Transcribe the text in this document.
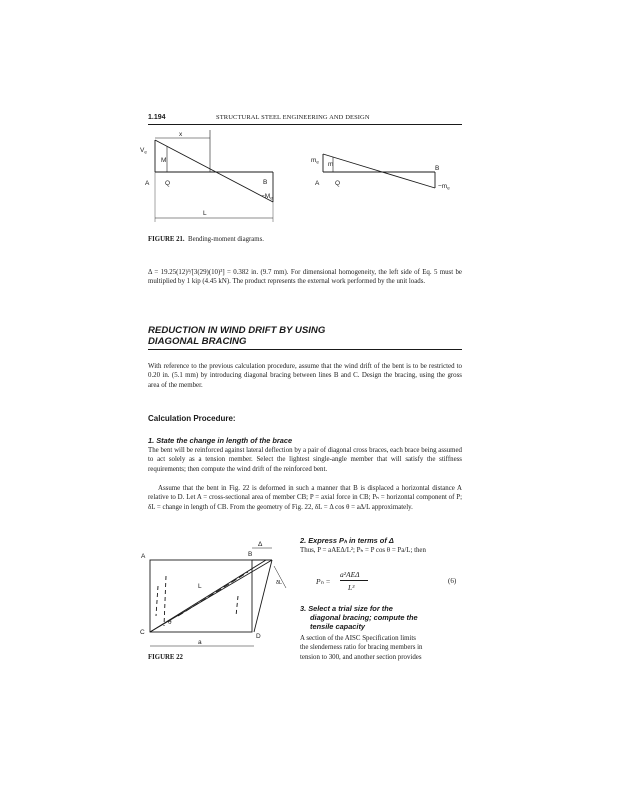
1.194	STRUCTURAL STEEL ENGINEERING AND DESIGN
x
$V_e$
M
A Q	B
$-M_e$
L
$m_e$ m
A Q
B
$-m_e$
FIGURE 21. Bending-moment diagrams.

Δ = 19.25(12)³/[3(29)(10)³] = 0.382 in. (9.7 mm). For dimensional homogeneity, the left side of Eq. 5 must be multiplied by 1 kip (4.45 kN). The product represents the external work performed by the unit loads.

REDUCTION IN WIND DRIFT BY USING
DIAGONAL BRACING

With reference to the previous calculation procedure, assume that the wind drift of the bent is to be restricted to 0.20 in. (5.1 mm) by introducing diagonal bracing between lines B and C. Design the bracing, using the gross area of the member.

Calculation Procedure:
1. State the change in length of the brace

The bent will be reinforced against lateral deflection by a pair of diagonal cross braces, each brace being assumed to act solely as a tension member. Select the lightest single-angle member that will satisfy the stiffness requirements; then compute the wind drift of the reinforced bent.

Assume that the bent in Fig. 22 is deformed in such a manner that B is displaced a horizontal distance A relative to D. Let A = cross-sectional area of member CB; P = axial force in CB; Pₕ = horizontal component of P; δL = change in length of CB. From the geometry of Fig. 22, δL = Δ cos θ = aΔ/L approximately.

A	B
C
D
Δ
L	δL
θ
a
FIGURE 22
2. Express Pₕ in terms of Δ

Thus, P = aAEΔ/L²; Pₕ = P cos θ = Pa/L; then

Pₕ =
a²AEΔ
L³
(6)
3. Select a trial size for the
diagonal bracing; compute the
tensile capacity
A section of the AISC Specification limits
the slenderness ratio for bracing members in
tension to 300, and another section provides
